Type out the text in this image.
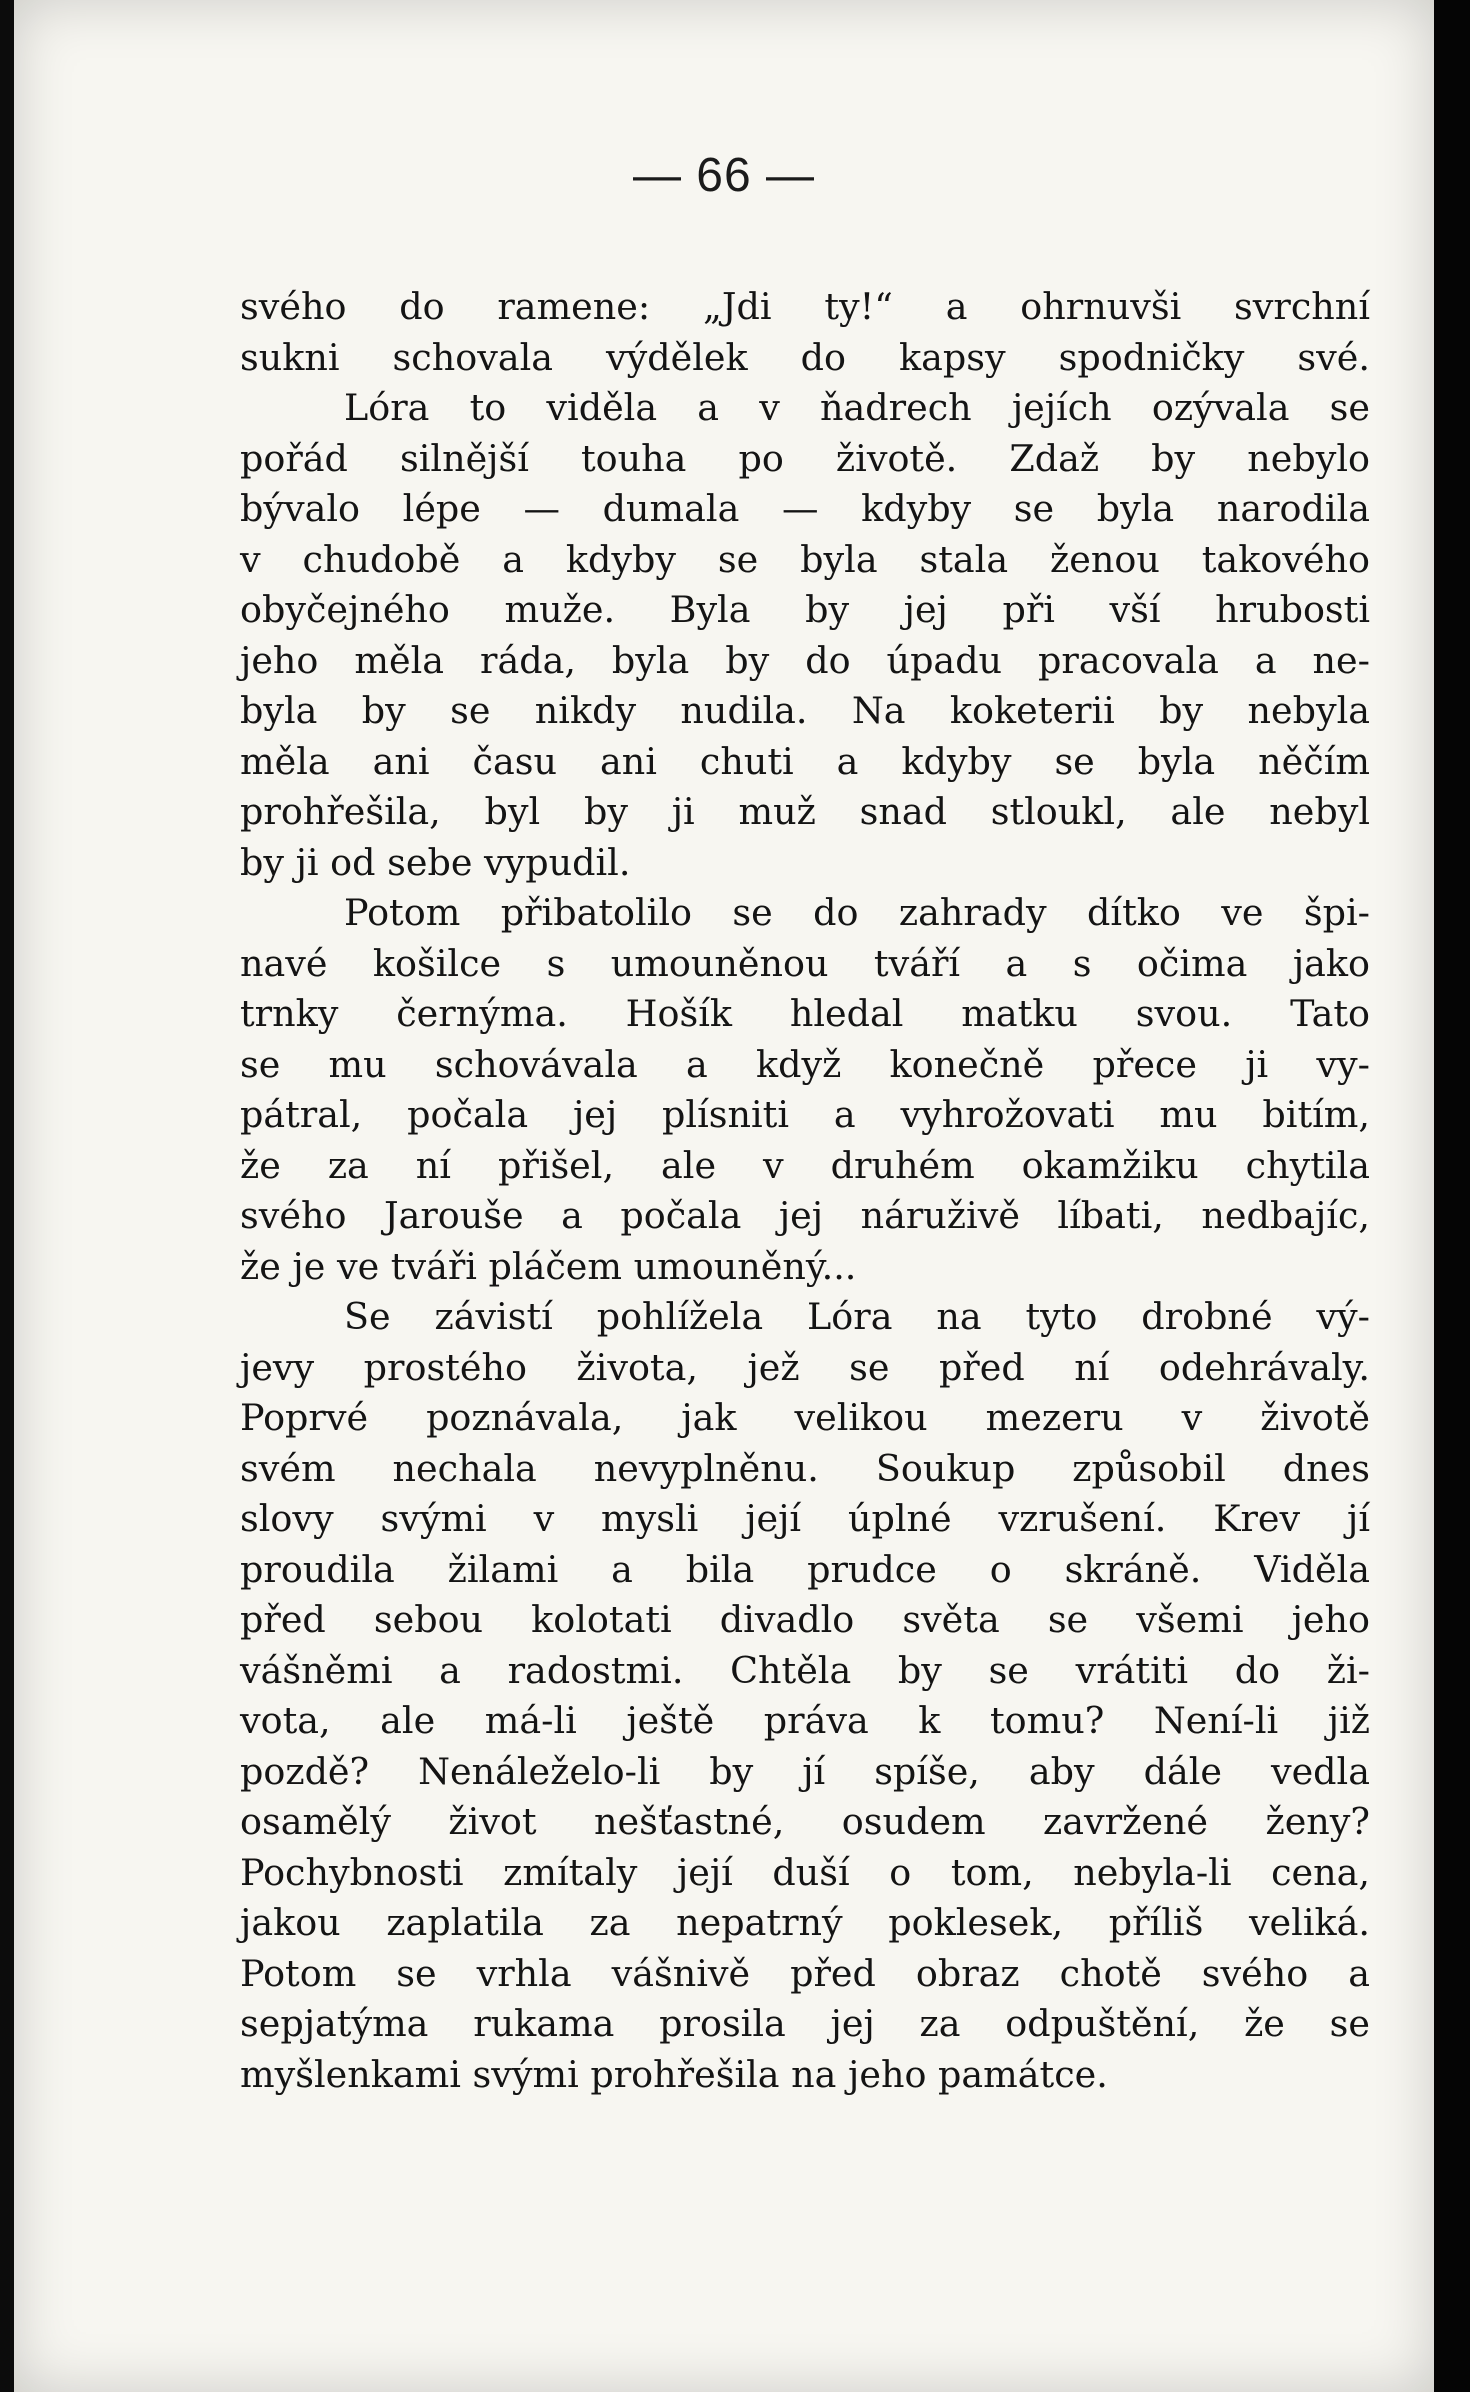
— 66 —
svého do ramene: „Jdi ty!“ a ohrnuvši svrchní
sukni schovala výdělek do kapsy spodničky své.
Lóra to viděla a v ňadrech jejích ozývala se
pořád silnější touha po životě. Zdaž by nebylo
bývalo lépe — dumala — kdyby se byla narodila
v chudobě a kdyby se byla stala ženou takového
obyčejného muže. Byla by jej při vší hrubosti
jeho měla ráda, byla by do úpadu pracovala a ne-
byla by se nikdy nudila. Na koketerii by nebyla
měla ani času ani chuti a kdyby se byla něčím
prohřešila, byl by ji muž snad stloukl, ale nebyl
by ji od sebe vypudil.
Potom přibatolilo se do zahrady dítko ve špi-
navé košilce s umouněnou tváří a s očima jako
trnky černýma. Hošík hledal matku svou. Tato
se mu schovávala a když konečně přece ji vy-
pátral, počala jej plísniti a vyhrožovati mu bitím,
že za ní přišel, ale v druhém okamžiku chytila
svého Jarouše a počala jej náruživě líbati, nedbajíc,
že je ve tváři pláčem umouněný...
Se závistí pohlížela Lóra na tyto drobné vý-
jevy prostého života, jež se před ní odehrávaly.
Poprvé poznávala, jak velikou mezeru v životě
svém nechala nevyplněnu. Soukup způsobil dnes
slovy svými v mysli její úplné vzrušení. Krev jí
proudila žilami a bila prudce o skráně. Viděla
před sebou kolotati divadlo světa se všemi jeho
vášněmi a radostmi. Chtěla by se vrátiti do ži-
vota, ale má-li ještě práva k tomu? Není-li již
pozdě? Nenáleželo-li by jí spíše, aby dále vedla
osamělý život nešťastné, osudem zavržené ženy?
Pochybnosti zmítaly její duší o tom, nebyla-li cena,
jakou zaplatila za nepatrný poklesek, příliš veliká.
Potom se vrhla vášnivě před obraz chotě svého a
sepjatýma rukama prosila jej za odpuštění, že se
myšlenkami svými prohřešila na jeho památce.
